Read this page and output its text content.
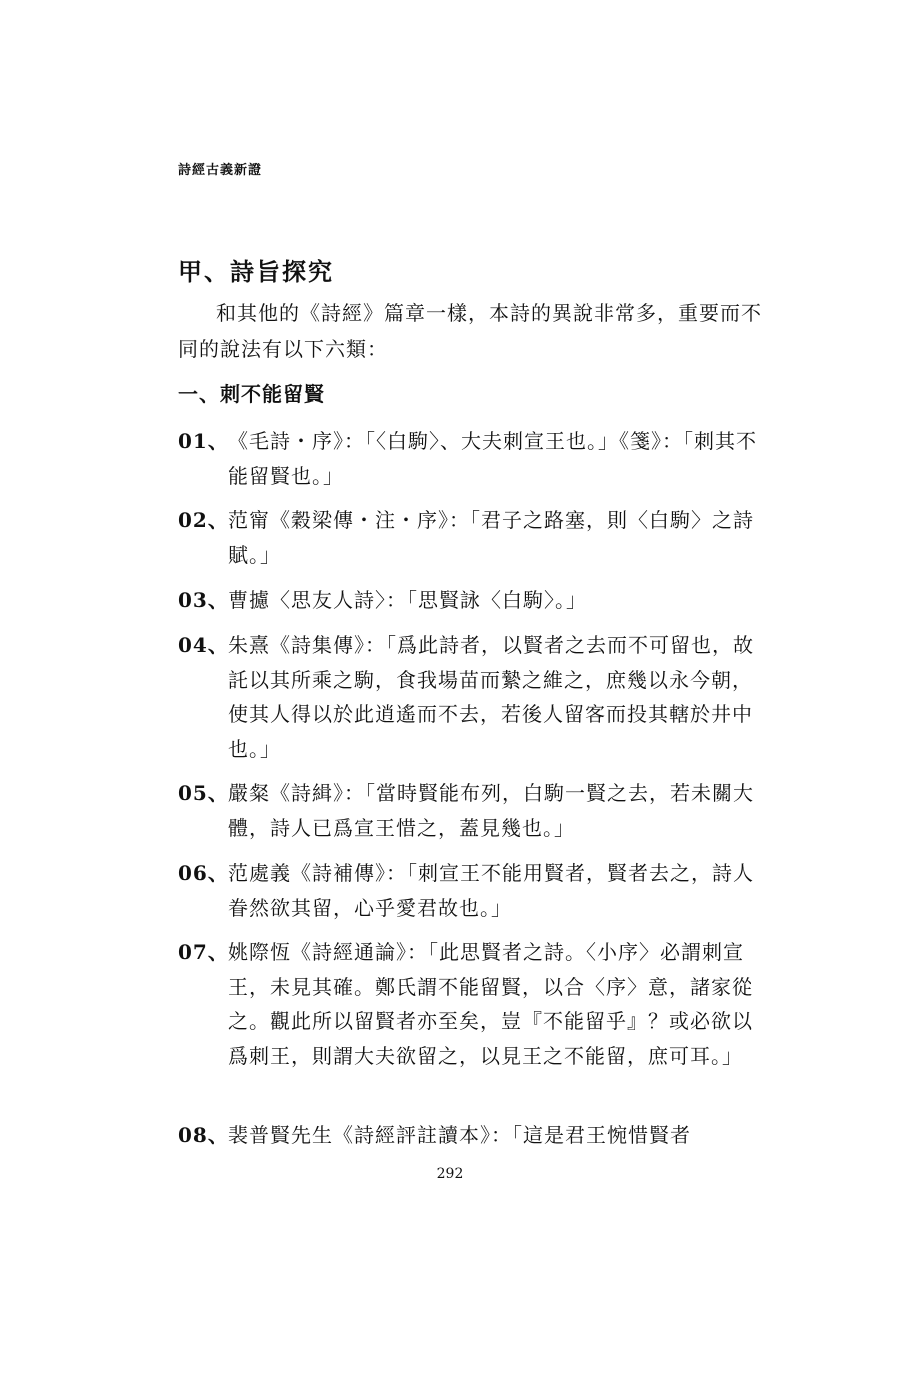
詩經古義新證
甲、詩旨探究
和其他的《詩經》篇章一樣，本詩的異說非常多，重要而不同的說法有以下六類：
一、刺不能留賢
01、 《毛詩・序》：「〈白駒〉、大夫刺宣王也。」《箋》：「刺其不能留賢也。」
02、 范甯《穀梁傳・注・序》：「君子之路塞，則〈白駒〉之詩賦。」
03、 曹攄〈思友人詩〉：「思賢詠〈白駒〉。」
04、 朱熹《詩集傳》：「爲此詩者，以賢者之去而不可留也，故託以其所乘之駒，食我場苗而縶之維之，庶幾以永今朝，使其人得以於此逍遙而不去，若後人留客而投其轄於井中也。」
05、 嚴粲《詩緝》：「當時賢能布列，白駒一賢之去，若未關大體，詩人已爲宣王惜之，蓋見幾也。」
06、 范處義《詩補傳》：「刺宣王不能用賢者，賢者去之，詩人眷然欲其留，心乎愛君故也。」
07、 姚際恆《詩經通論》：「此思賢者之詩。〈小序〉必謂刺宣王，未見其確。鄭氏謂不能留賢，以合〈序〉意，諸家從之。觀此所以留賢者亦至矣，豈『不能留乎』？或必欲以爲刺王，則謂大夫欲留之，以見王之不能留，庶可耳。」
08、 裴普賢先生《詩經評註讀本》：「這是君王惋惜賢者
292
